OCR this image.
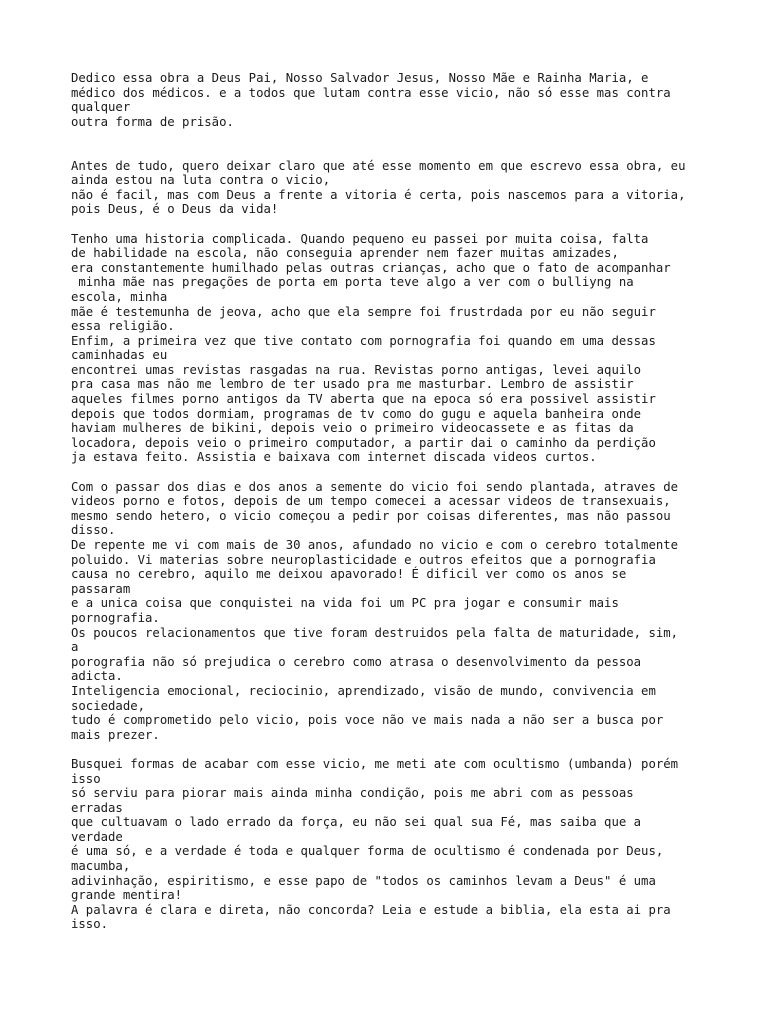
Dedico essa obra a Deus Pai, Nosso Salvador Jesus, Nosso Mãe e Rainha Maria, e
médico dos médicos. e a todos que lutam contra esse vicio, não só esse mas contra
qualquer
outra forma de prisão.
Antes de tudo, quero deixar claro que até esse momento em que escrevo essa obra, eu
ainda estou na luta contra o vicio,
não é facil, mas com Deus a frente a vitoria é certa, pois nascemos para a vitoria,
pois Deus, é o Deus da vida!
Tenho uma historia complicada. Quando pequeno eu passei por muita coisa, falta
de habilidade na escola, não conseguia aprender nem fazer muitas amizades,
era constantemente humilhado pelas outras crianças, acho que o fato de acompanhar
minha mãe nas pregações de porta em porta teve algo a ver com o bulliyng na
escola, minha
mãe é testemunha de jeova, acho que ela sempre foi frustrdada por eu não seguir
essa religião.
Enfim, a primeira vez que tive contato com pornografia foi quando em uma dessas
caminhadas eu
encontrei umas revistas rasgadas na rua. Revistas porno antigas, levei aquilo
pra casa mas não me lembro de ter usado pra me masturbar. Lembro de assistir
aqueles filmes porno antigos da TV aberta que na epoca só era possivel assistir
depois que todos dormiam, programas de tv como do gugu e aquela banheira onde
haviam mulheres de bikini, depois veio o primeiro videocassete e as fitas da
locadora, depois veio o primeiro computador, a partir dai o caminho da perdição
ja estava feito. Assistia e baixava com internet discada videos curtos.
Com o passar dos dias e dos anos a semente do vicio foi sendo plantada, atraves de
videos porno e fotos, depois de um tempo comecei a acessar videos de transexuais,
mesmo sendo hetero, o vicio começou a pedir por coisas diferentes, mas não passou
disso.
De repente me vi com mais de 30 anos, afundado no vicio e com o cerebro totalmente
poluido. Vi materias sobre neuroplasticidade e outros efeitos que a pornografia
causa no cerebro, aquilo me deixou apavorado! É dificil ver como os anos se
passaram
e a unica coisa que conquistei na vida foi um PC pra jogar e consumir mais
pornografia.
Os poucos relacionamentos que tive foram destruidos pela falta de maturidade, sim,
a
porografia não só prejudica o cerebro como atrasa o desenvolvimento da pessoa
adicta.
Inteligencia emocional, reciocinio, aprendizado, visão de mundo, convivencia em
sociedade,
tudo é comprometido pelo vicio, pois voce não ve mais nada a não ser a busca por
mais prezer.
Busquei formas de acabar com esse vicio, me meti ate com ocultismo (umbanda) porém
isso
só serviu para piorar mais ainda minha condição, pois me abri com as pessoas
erradas
que cultuavam o lado errado da força, eu não sei qual sua Fé, mas saiba que a
verdade
é uma só, e a verdade é toda e qualquer forma de ocultismo é condenada por Deus,
macumba,
adivinhação, espiritismo, e esse papo de "todos os caminhos levam a Deus" é uma
grande mentira!
A palavra é clara e direta, não concorda? Leia e estude a biblia, ela esta ai pra
isso.
